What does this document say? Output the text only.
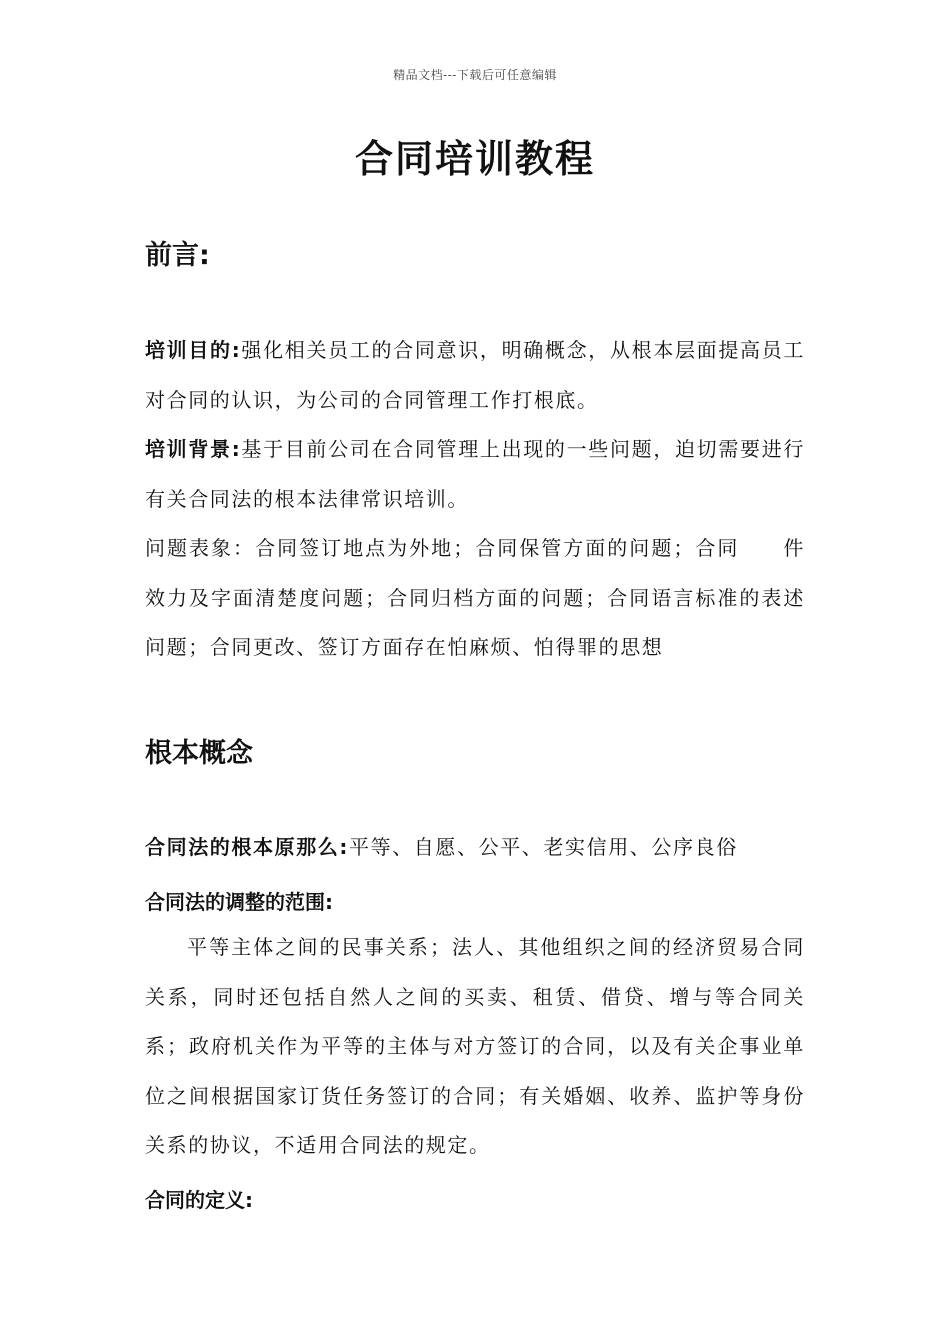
精品文档---下载后可任意编辑
合同培训教程
前言:
培训目的:强化相关员工的合同意识，明确概念，从根本层面提高员工对合同的认识，为公司的合同管理工作打根底。
培训背景:基于目前公司在合同管理上出现的一些问题，迫切需要进行有关合同法的根本法律常识培训。
问题表象：合同签订地点为外地；合同保管方面的问题；合同　　件效力及字面清楚度问题；合同归档方面的问题；合同语言标准的表述问题；合同更改、签订方面存在怕麻烦、怕得罪的思想
根本概念
合同法的根本原那么:平等、自愿、公平、老实信用、公序良俗
合同法的调整的范围:
平等主体之间的民事关系；法人、其他组织之间的经济贸易合同关系，同时还包括自然人之间的买卖、租赁、借贷、增与等合同关系；政府机关作为平等的主体与对方签订的合同，以及有关企事业单位之间根据国家订货任务签订的合同；有关婚姻、收养、监护等身份关系的协议，不适用合同法的规定。
合同的定义:
